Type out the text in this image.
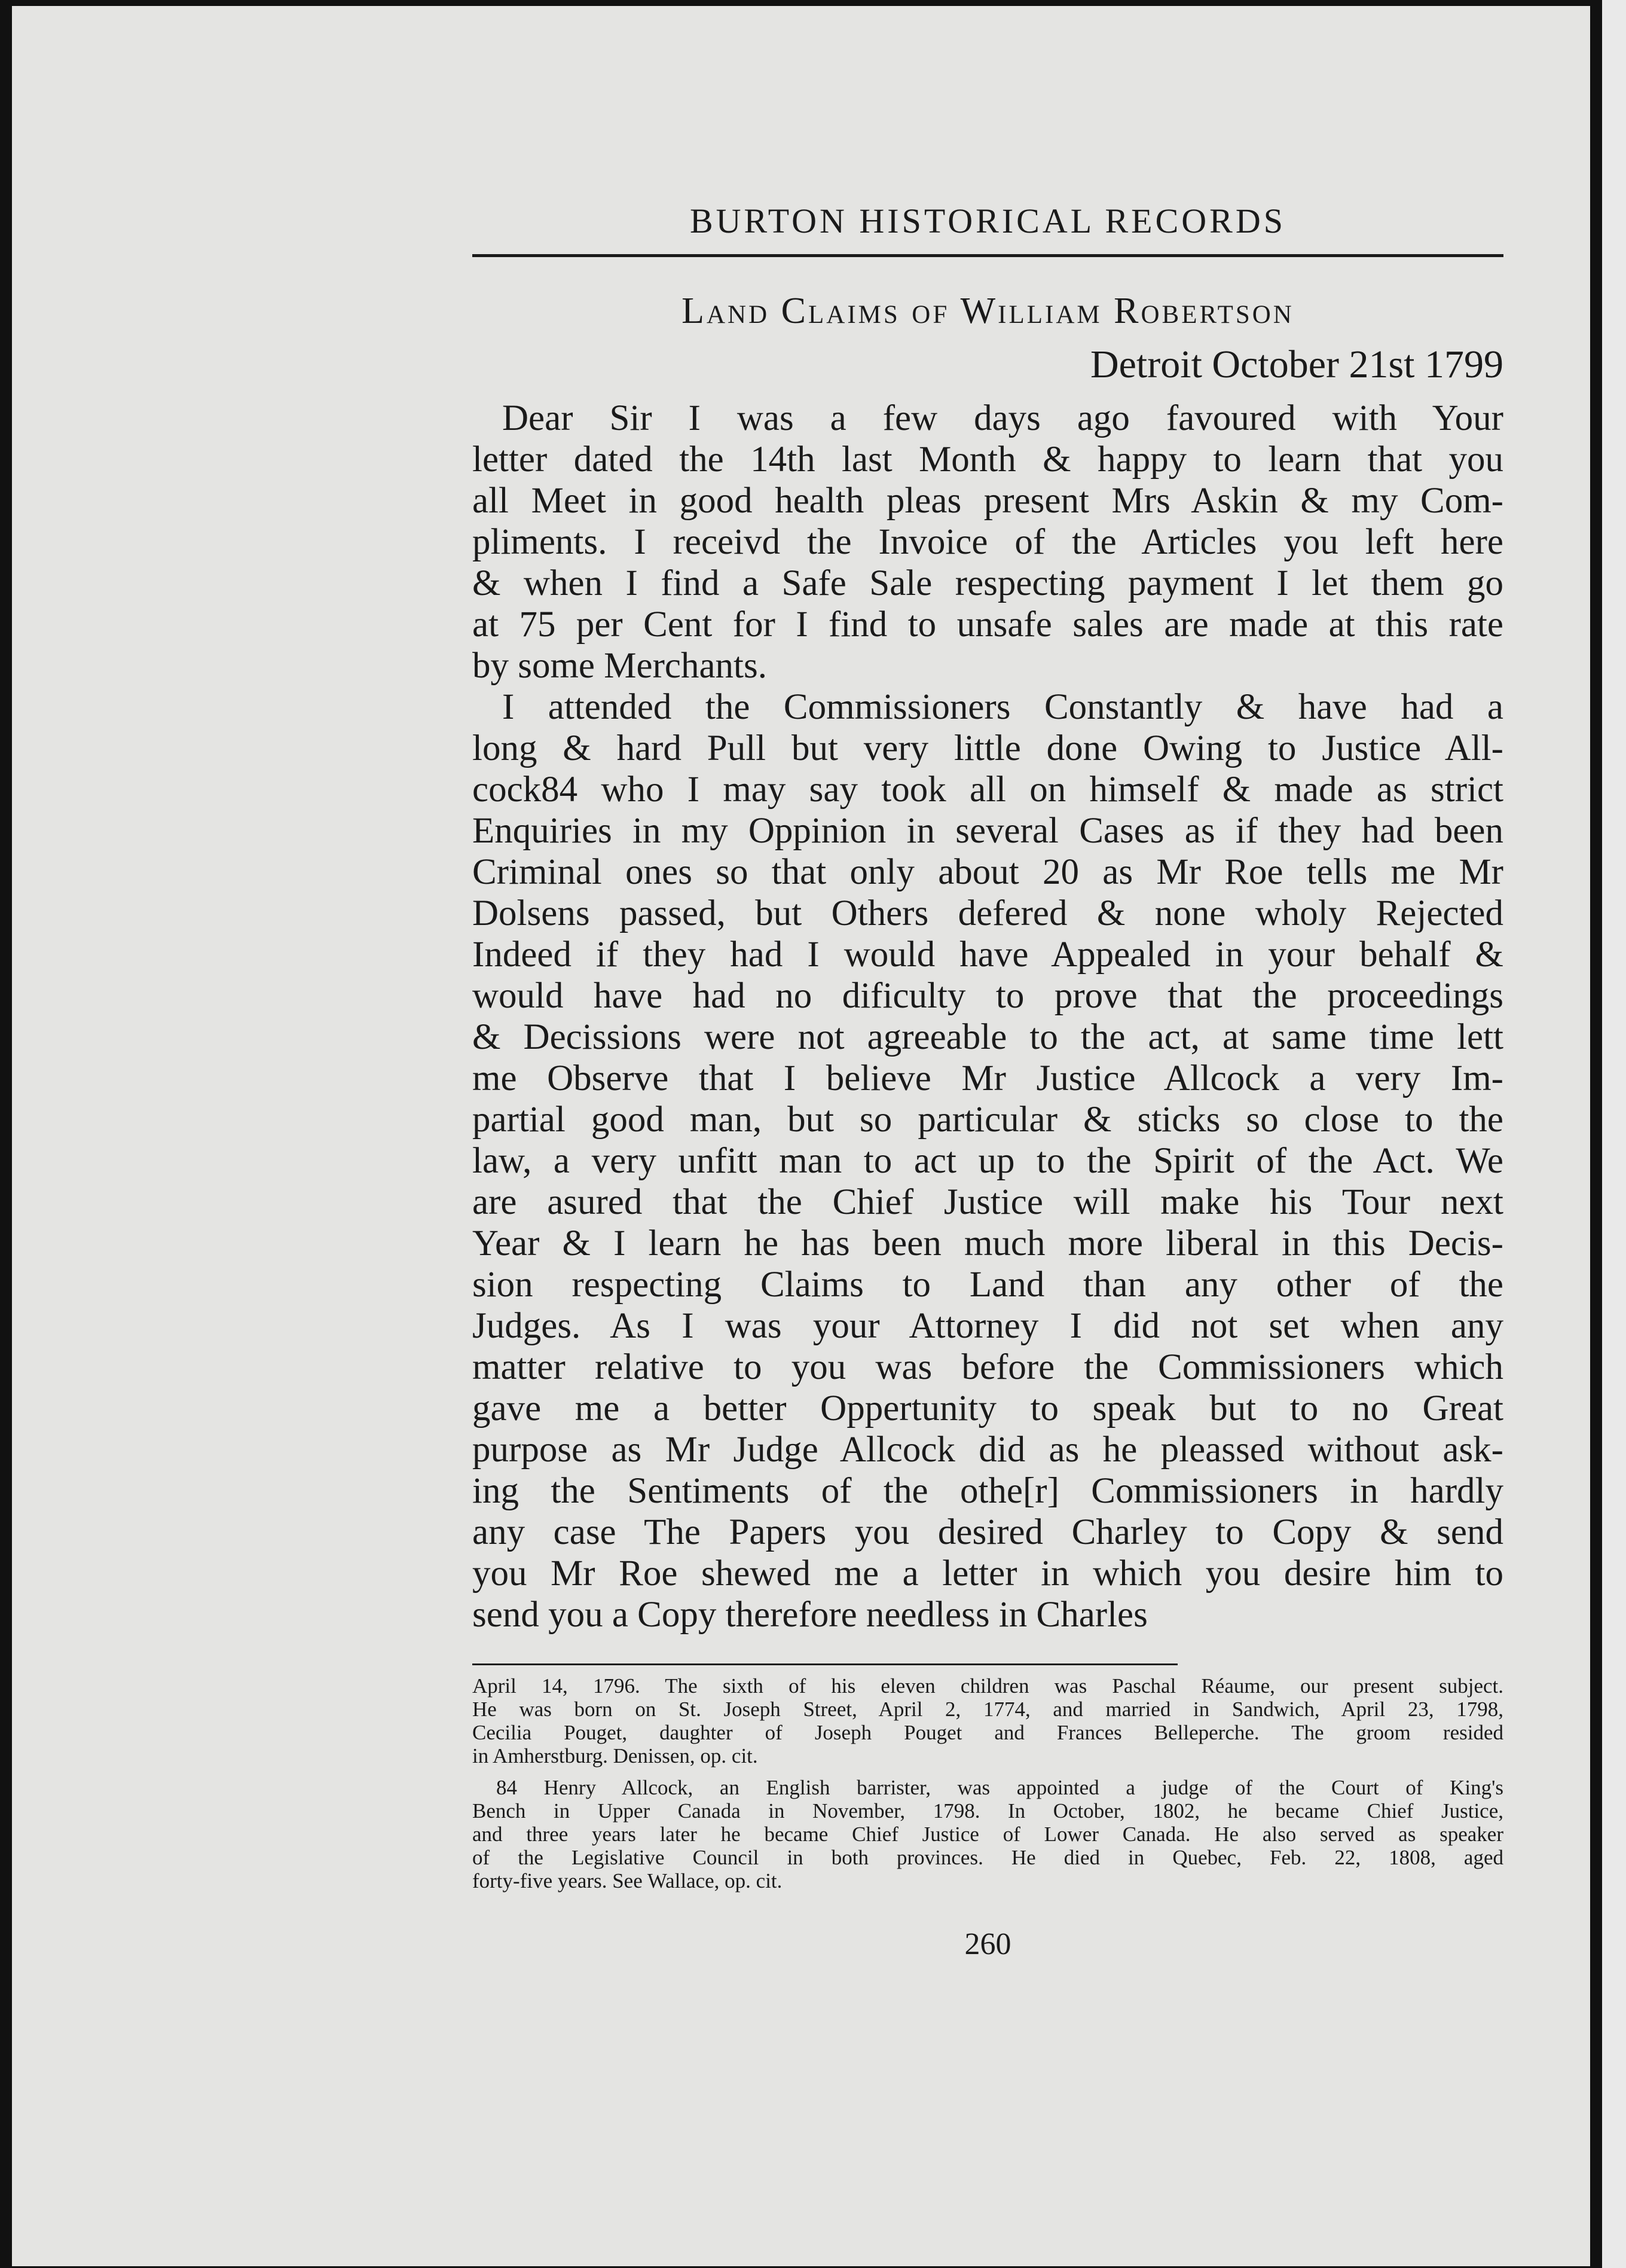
BURTON HISTORICAL RECORDS
Land Claims of William Robertson
Detroit October 21st 1799
Dear Sir I was a few days ago favoured with Your
letter dated the 14th last Month & happy to learn that you
all Meet in good health pleas present Mrs Askin & my Com-
pliments. I receivd the Invoice of the Articles you left here
& when I find a Safe Sale respecting payment I let them go
at 75 per Cent for I find to unsafe sales are made at this rate
by some Merchants.
I attended the Commissioners Constantly & have had a
long & hard Pull but very little done Owing to Justice All-
cock84 who I may say took all on himself & made as strict
Enquiries in my Oppinion in several Cases as if they had been
Criminal ones so that only about 20 as Mr Roe tells me Mr
Dolsens passed, but Others defered & none wholy Rejected
Indeed if they had I would have Appealed in your behalf &
would have had no dificulty to prove that the proceedings
& Decissions were not agreeable to the act, at same time lett
me Observe that I believe Mr Justice Allcock a very Im-
partial good man, but so particular & sticks so close to the
law, a very unfitt man to act up to the Spirit of the Act. We
are asured that the Chief Justice will make his Tour next
Year & I learn he has been much more liberal in this Decis-
sion respecting Claims to Land than any other of the
Judges. As I was your Attorney I did not set when any
matter relative to you was before the Commissioners which
gave me a better Oppertunity to speak but to no Great
purpose as Mr Judge Allcock did as he pleassed without ask-
ing the Sentiments of the othe[r] Commissioners in hardly
any case The Papers you desired Charley to Copy & send
you Mr Roe shewed me a letter in which you desire him to
send you a Copy therefore needless in Charles
April 14, 1796. The sixth of his eleven children was Paschal Réaume, our present subject.
He was born on St. Joseph Street, April 2, 1774, and married in Sandwich, April 23, 1798,
Cecilia Pouget, daughter of Joseph Pouget and Frances Belleperche. The groom resided
in Amherstburg. Denissen, op. cit.
84 Henry Allcock, an English barrister, was appointed a judge of the Court of King's
Bench in Upper Canada in November, 1798. In October, 1802, he became Chief Justice,
and three years later he became Chief Justice of Lower Canada. He also served as speaker
of the Legislative Council in both provinces. He died in Quebec, Feb. 22, 1808, aged
forty-five years. See Wallace, op. cit.
260
